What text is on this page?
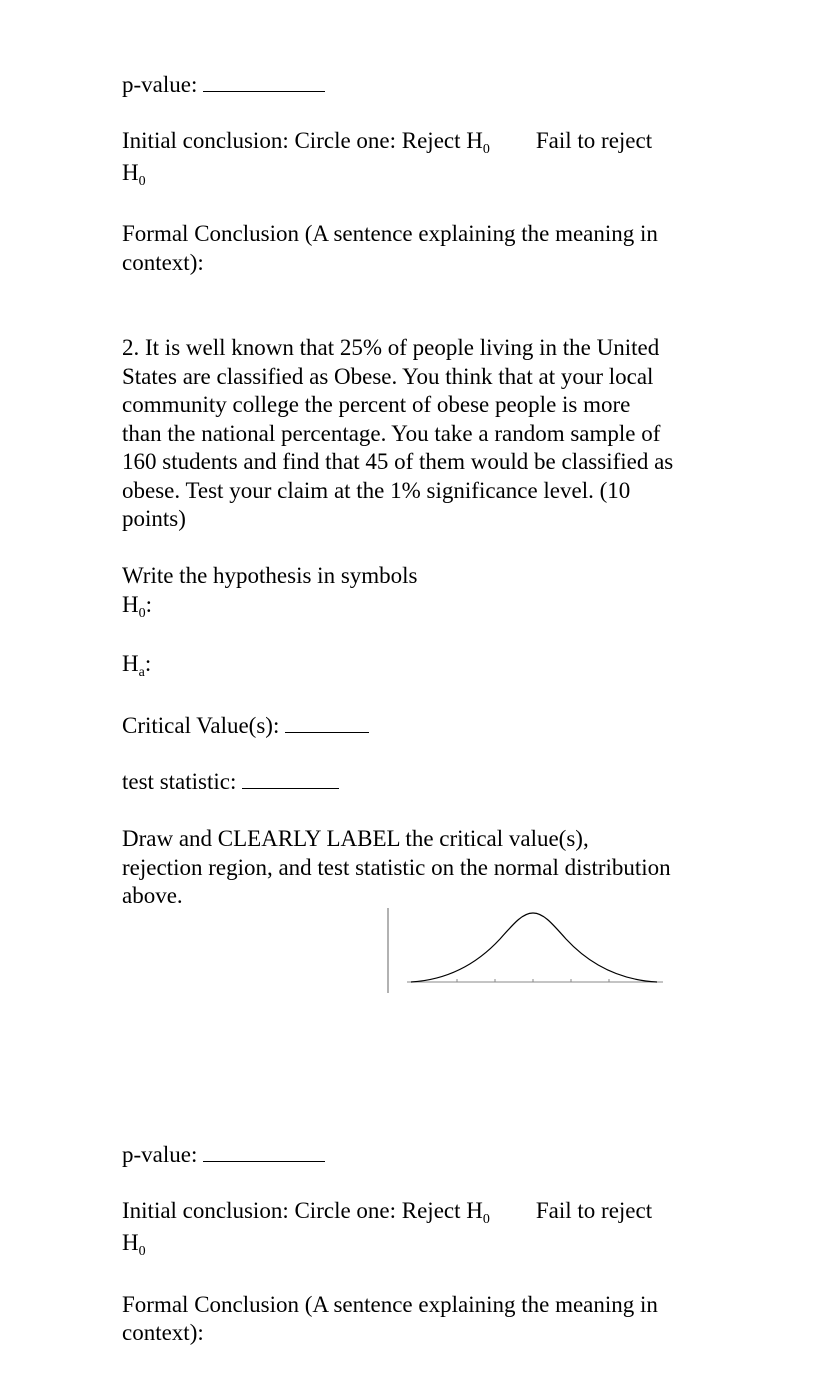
p-value:
Initial conclusion: Circle one: Reject $H_0$ Fail to reject
$H_0$
Formal Conclusion (A sentence explaining the meaning in
context):
2. It is well known that 25% of people living in the United
States are classified as Obese. You think that at your local
community college the percent of obese people is more
than the national percentage. You take a random sample of
160 students and find that 45 of them would be classified as
obese. Test your claim at the 1% significance level. (10
points)
Write the hypothesis in symbols
$H_0$:
$H_a$:
Critical Value(s):
test statistic:
Draw and CLEARLY LABEL the critical value(s),
rejection region, and test statistic on the normal distribution
above.
p-value:
Initial conclusion: Circle one: Reject $H_0$ Fail to reject
$H_0$
Formal Conclusion (A sentence explaining the meaning in
context):
